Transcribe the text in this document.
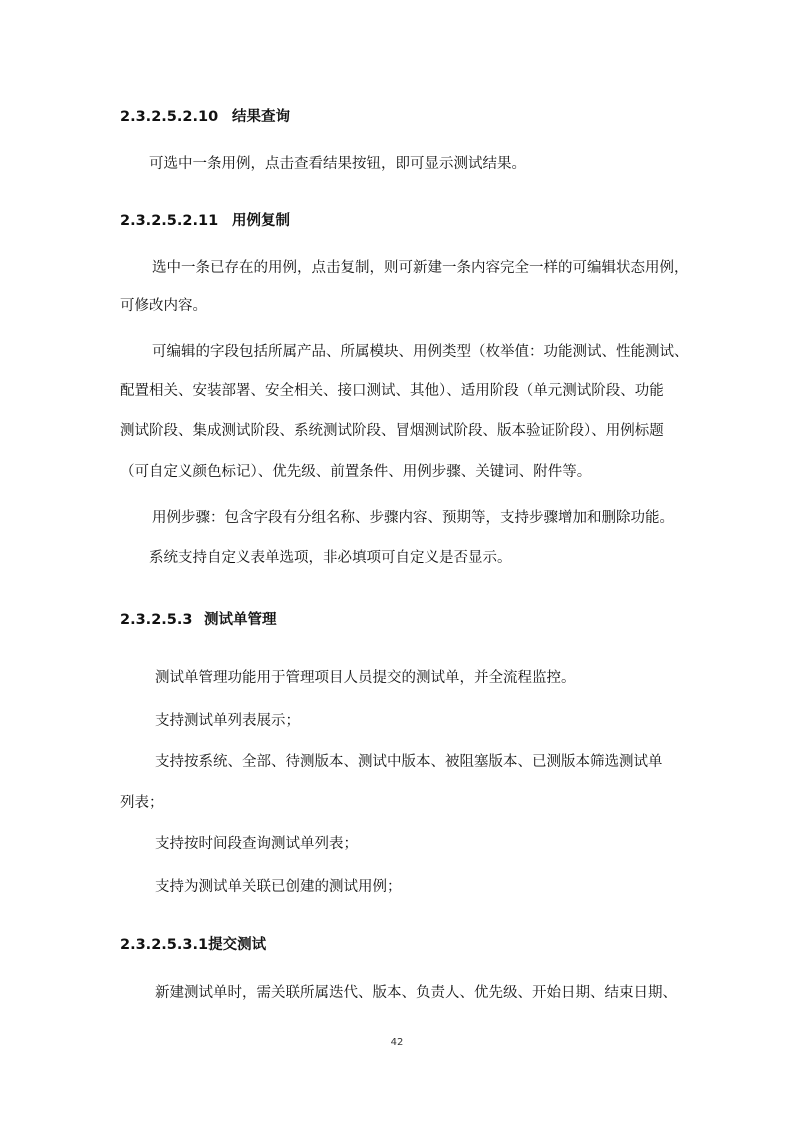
2.3.2.5.2.10 结果查询
可选中一条用例，点击查看结果按钮，即可显示测试结果。
2.3.2.5.2.11 用例复制
选中一条已存在的用例，点击复制，则可新建一条内容完全一样的可编辑状态用例，
可修改内容。
可编辑的字段包括所属产品、所属模块、用例类型（枚举值：功能测试、性能测试、
配置相关、安装部署、安全相关、接口测试、其他）、适用阶段（单元测试阶段、功能
测试阶段、集成测试阶段、系统测试阶段、冒烟测试阶段、版本验证阶段）、用例标题
（可自定义颜色标记）、优先级、前置条件、用例步骤、关键词、附件等。
用例步骤：包含字段有分组名称、步骤内容、预期等，支持步骤增加和删除功能。
系统支持自定义表单选项，非必填项可自定义是否显示。
2.3.2.5.3 测试单管理
测试单管理功能用于管理项目人员提交的测试单，并全流程监控。
支持测试单列表展示；
支持按系统、全部、待测版本、测试中版本、被阻塞版本、已测版本筛选测试单
列表；
支持按时间段查询测试单列表；
支持为测试单关联已创建的测试用例；
2.3.2.5.3.1提交测试
新建测试单时，需关联所属迭代、版本、负责人、优先级、开始日期、结束日期、
42
